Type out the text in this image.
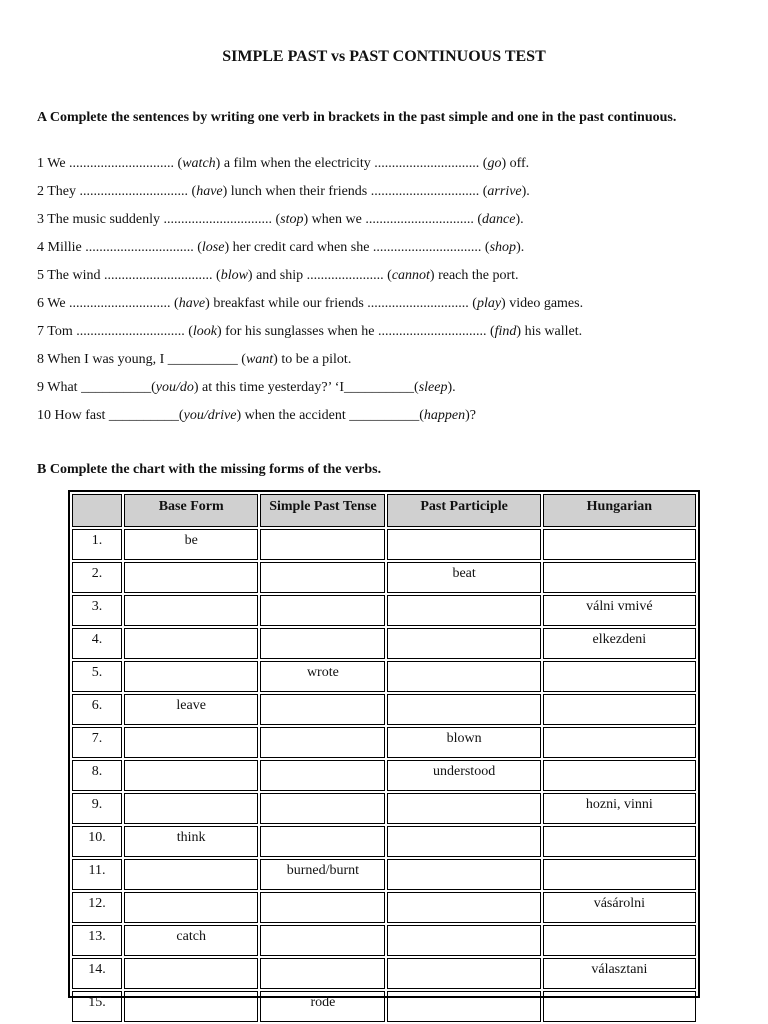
SIMPLE PAST vs PAST CONTINUOUS TEST
A Complete the sentences by writing one verb in brackets in the past simple and one in the past continuous.
1 We .............................. (watch) a film when the electricity .............................. (go) off.
2 They ............................... (have) lunch when their friends ............................... (arrive).
3 The music suddenly ............................... (stop) when we ............................... (dance).
4 Millie ............................... (lose) her credit card when she ............................... (shop).
5 The wind ............................... (blow) and ship ...................... (cannot) reach the port.
6 We ............................. (have) breakfast while our friends ............................. (play) video games.
7 Tom ............................... (look) for his sunglasses when he ............................... (find) his wallet.
8 When I was young, I __________ (want) to be a pilot.
9 What __________(you/do) at this time yesterday?’ ‘I__________(sleep).
10 How fast __________(you/drive) when the accident __________(happen)?
B Complete the chart with the missing forms of the verbs.
	Base Form	Simple Past Tense	Past Participle	Hungarian
1.	be			
2.			beat	
3.				válni vmivé
4.				elkezdeni
5.		wrote		
6.	leave			
7.			blown	
8.			understood	
9.				hozni, vinni
10.	think			
11.		burned/burnt		
12.				vásárolni
13.	catch			
14.				választani
15.		rode		
